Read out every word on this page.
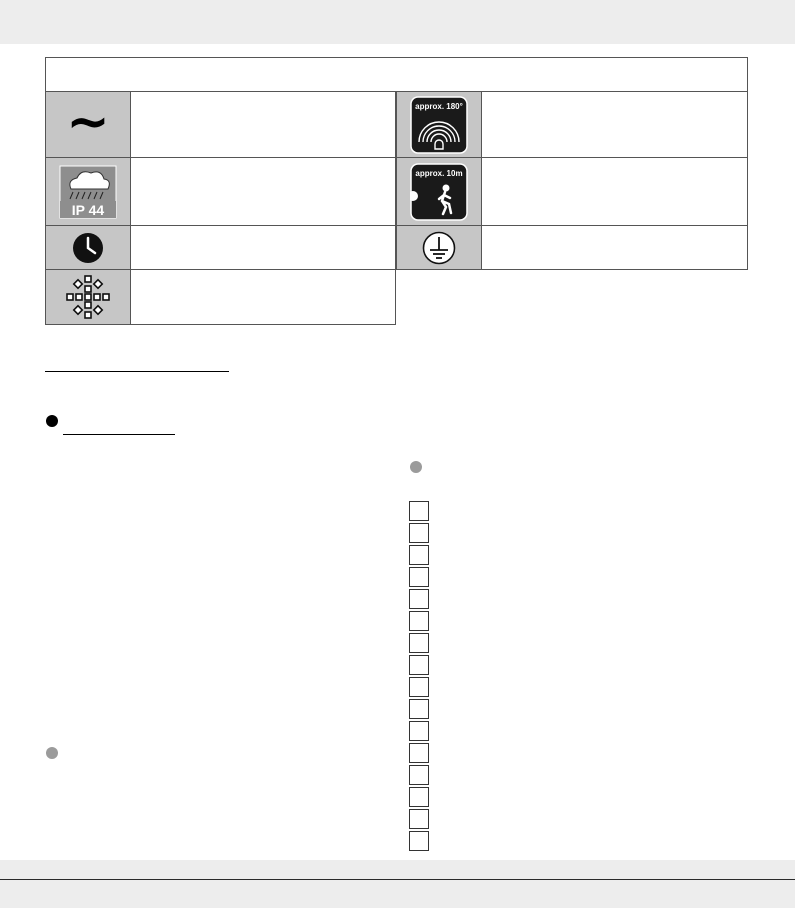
~	approx. 180°
IP 44
approx. 10m
